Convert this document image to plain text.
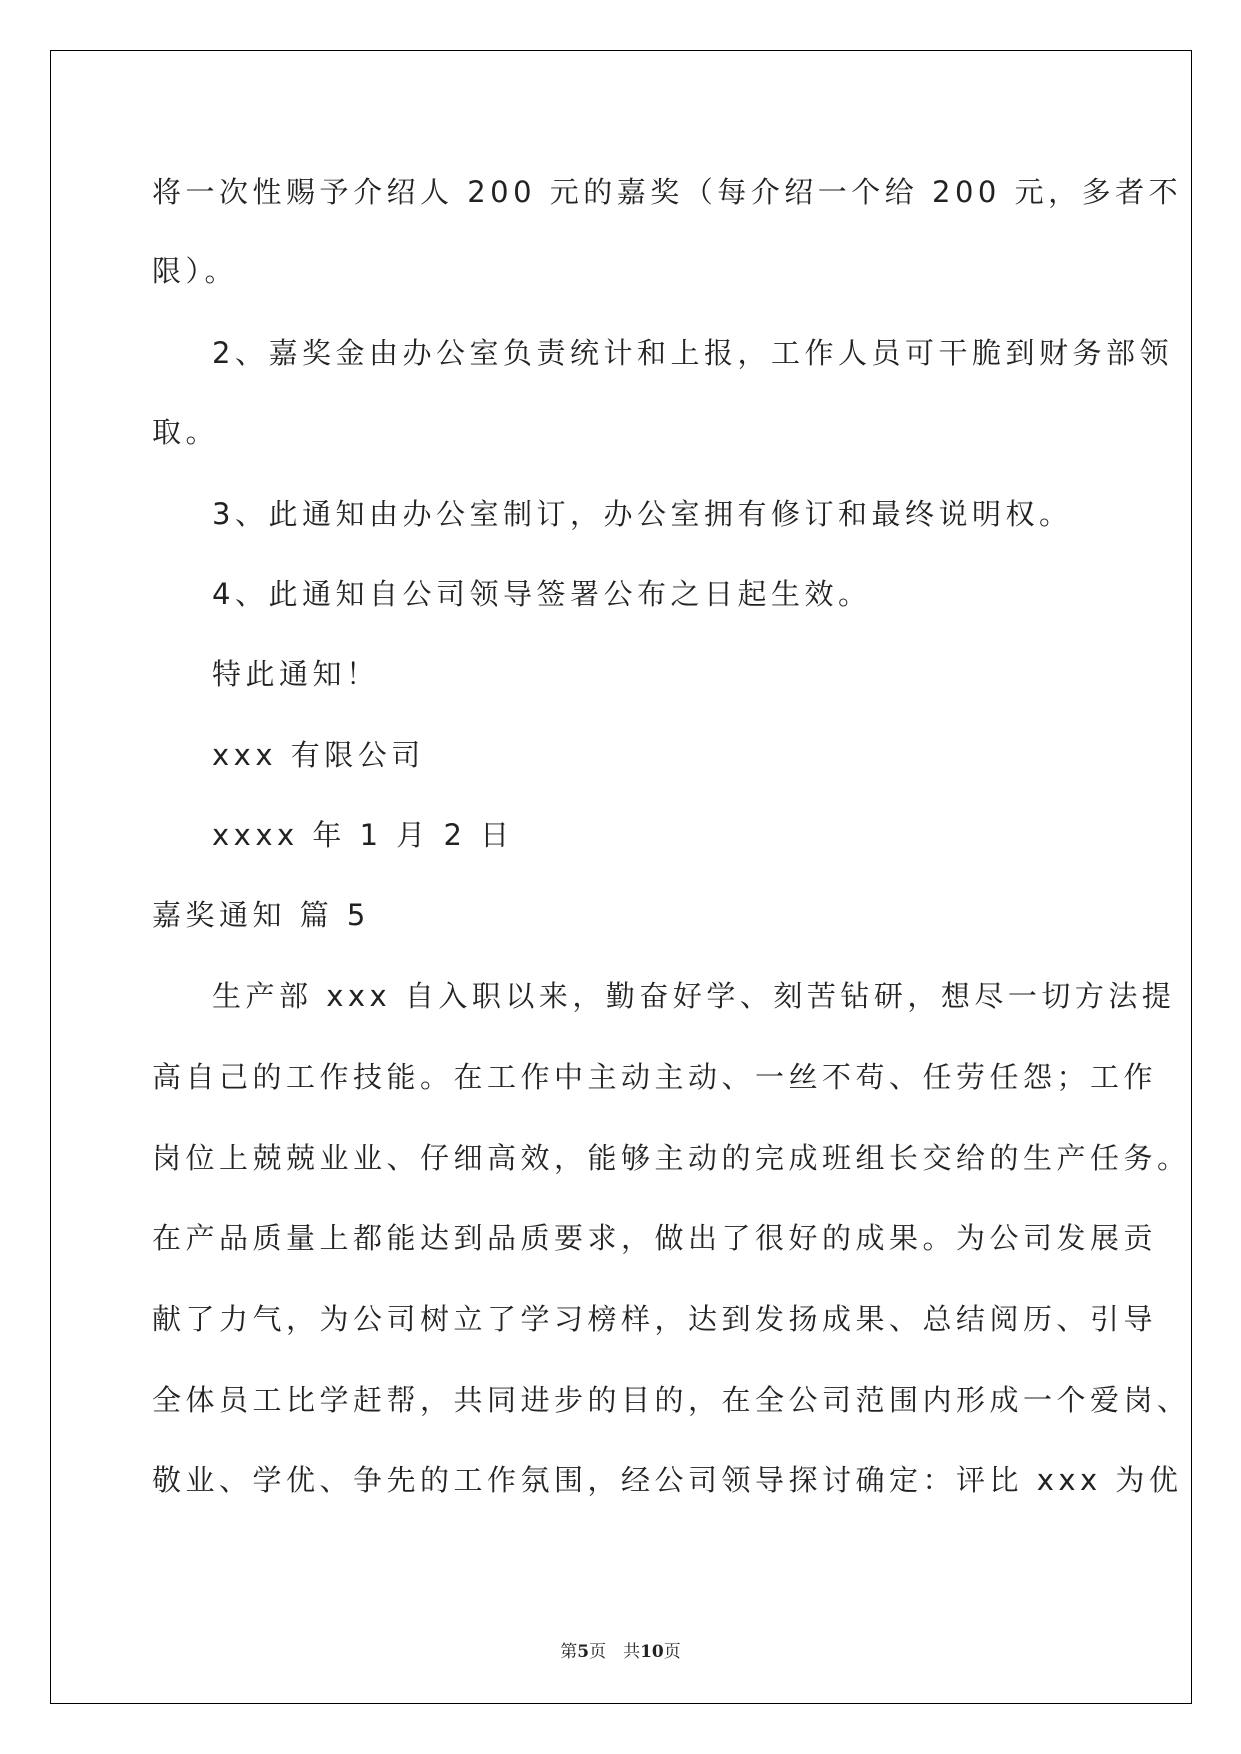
将一次性赐予介绍人 200 元的嘉奖（每介绍一个给 200 元，多者不
限）。
2、嘉奖金由办公室负责统计和上报，工作人员可干脆到财务部领
取。
3、此通知由办公室制订，办公室拥有修订和最终说明权。
4、此通知自公司领导签署公布之日起生效。
特此通知！
xxx 有限公司
xxxx 年 1 月 2 日
嘉奖通知 篇 5
生产部 xxx 自入职以来，勤奋好学、刻苦钻研，想尽一切方法提
高自己的工作技能。在工作中主动主动、一丝不苟、任劳任怨；工作
岗位上兢兢业业、仔细高效，能够主动的完成班组长交给的生产任务。
在产品质量上都能达到品质要求，做出了很好的成果。为公司发展贡
献了力气，为公司树立了学习榜样，达到发扬成果、总结阅历、引导
全体员工比学赶帮，共同进步的目的，在全公司范围内形成一个爱岗、
敬业、学优、争先的工作氛围，经公司领导探讨确定：评比 xxx 为优
第5页　共10页
